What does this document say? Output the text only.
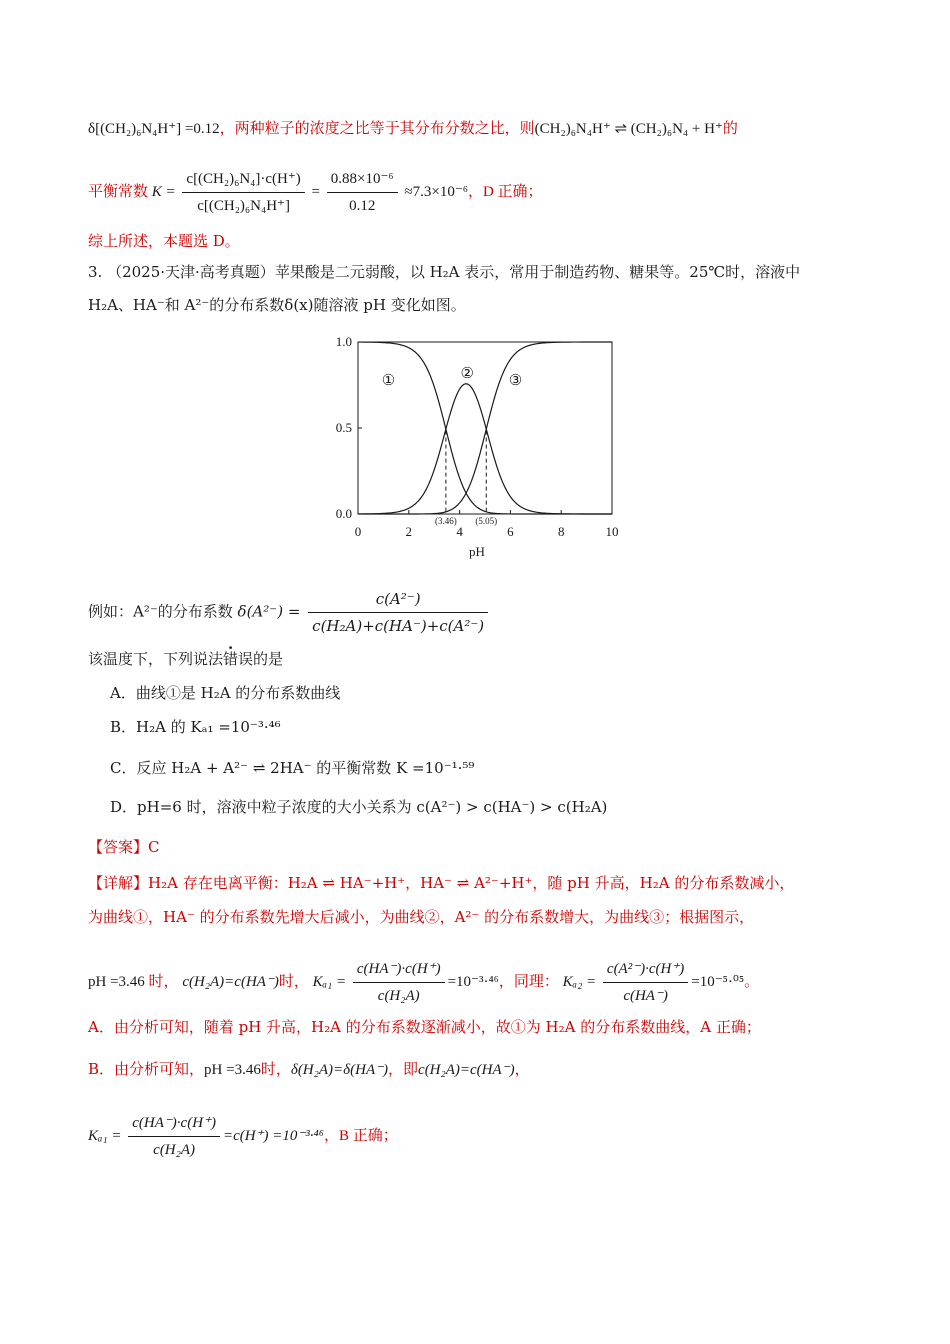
δ[(CH₂)₆N₄H⁺] =0.12，两种粒子的浓度之比等于其分布分数之比，则(CH₂)₆N₄H⁺ ⇌ (CH₂)₆N₄ + H⁺的
平衡常数 $K = \frac{\text{c[(CH₂)₆N₄]·c(H⁺)}}{\text{c[(CH₂)₆N₄H⁺]}} = \frac{\text{0.88×10⁻⁶}}{0.12} \approx 7.3\times 10^{-6}$，D 正确；
综上所述，本题选 D。
3. （2025·天津·高考真题）苹果酸是二元弱酸，以 H₂A 表示，常用于制造药物、糖果等。25℃时，溶液中
H₂A、HA⁻和 A²⁻的分布系数δ(x)随溶液 pH 变化如图。
0	2	4	6	8	10
0.0
0.5
1.0
pH
(3.46) (5.05)
①	② ③
例如：A²⁻的分布系数 $\delta(A^{2-}) = \frac{\text{c(A²⁻)}}{\text{c(H₂A)+c(HA⁻)+c(A²⁻)}}$
该温度下，下列说法错误的是
A．曲线①是 H₂A 的分布系数曲线
B．H₂A 的 Kₐ₁ =10⁻³·⁴⁶
C．反应 H₂A + A²⁻ ⇌ 2HA⁻ 的平衡常数 K =10⁻¹·⁵⁹
D．pH=6 时，溶液中粒子浓度的大小关系为 c(A²⁻) > c(HA⁻) > c(H₂A)
【答案】C
【详解】H₂A 存在电离平衡：H₂A ⇌ HA⁻+H⁺，HA⁻ ⇌ A²⁻+H⁺，随 pH 升高，H₂A 的分布系数减小，
为曲线①，HA⁻ 的分布系数先增大后减小，为曲线②，A²⁻ 的分布系数增大，为曲线③；根据图示，
pH =3.46 时， c(H₂A)=c(HA⁻)时， $K_{a1} = \frac{c(HA^-)\cdot c(H^+)}{\text{c(H₂A)}} =10^{-3}\cdot^{46}$，同理： $K_{a2} = \frac{\text{c(A²⁻)·c(H⁺)}}{c(HA^-)} =10^{-5}\cdot^{05}$。
A．由分析可知，随着 pH 升高，H₂A 的分布系数逐渐减小，故①为 H₂A 的分布系数曲线，A 正确；
B．由分析可知，pH =3.46时，δ(H₂A)=δ(HA⁻)，即c(H₂A)=c(HA⁻)，
$K_{a1} = \frac{c(HA^-)\cdot c(H^+)}{\text{c(H₂A)}} =c(H^+) =10^{-3}\cdot^{46}$，B 正确；
